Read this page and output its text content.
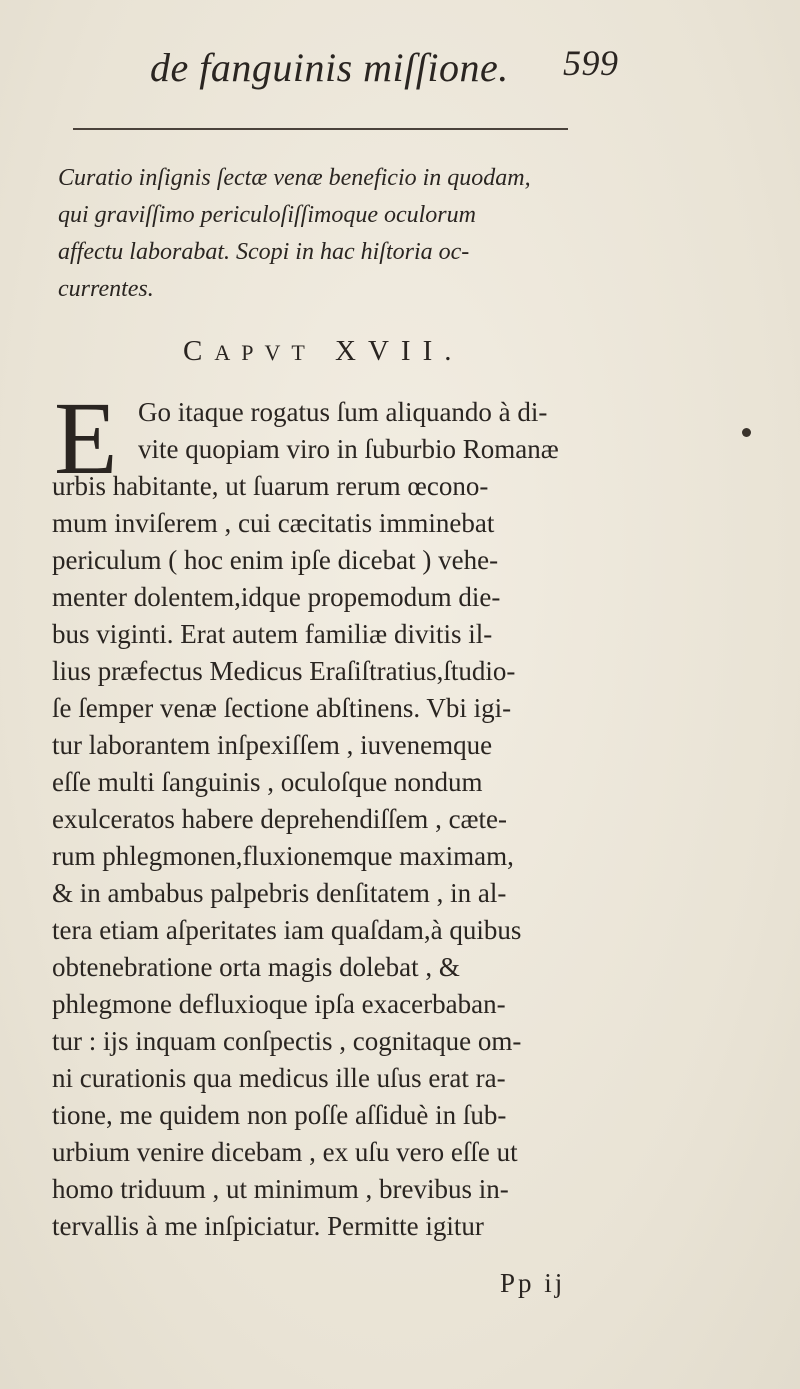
de fanguinis miſſione. 599
Curatio inſignis ſectæ venæ beneficio in quodam,
qui graviſſimo periculoſiſſimoque oculorum
affectu laborabat. Scopi in hac hiſtoria oc-
currentes.
CAPVT XVII.
E Go itaque rogatus ſum aliquando à di-
vite quopiam viro in ſuburbio Romanæ
urbis habitante, ut ſuarum rerum œcono-
mum inviſerem , cui cæcitatis imminebat
periculum ( hoc enim ipſe dicebat ) vehe-
menter dolentem,idque propemodum die-
bus viginti. Erat autem familiæ divitis il-
lius præfectus Medicus Eraſiſtratius,ſtudio-
ſe ſemper venæ ſectione abſtinens. Vbi igi-
tur laborantem inſpexiſſem , iuvenemque
eſſe multi ſanguinis , oculoſque nondum
exulceratos habere deprehendiſſem , cæte-
rum phlegmonen,fluxionemque maximam,
& in ambabus palpebris denſitatem , in al-
tera etiam aſperitates iam quaſdam,à quibus
obtenebratione orta magis dolebat , &
phlegmone defluxioque ipſa exacerbaban-
tur : ijs inquam conſpectis , cognitaque om-
ni curationis qua medicus ille uſus erat ra-
tione, me quidem non poſſe aſſiduè in ſub-
urbium venire dicebam , ex uſu vero eſſe ut
homo triduum , ut minimum , brevibus in-
tervallis à me inſpiciatur. Permitte igitur
Pp ij
